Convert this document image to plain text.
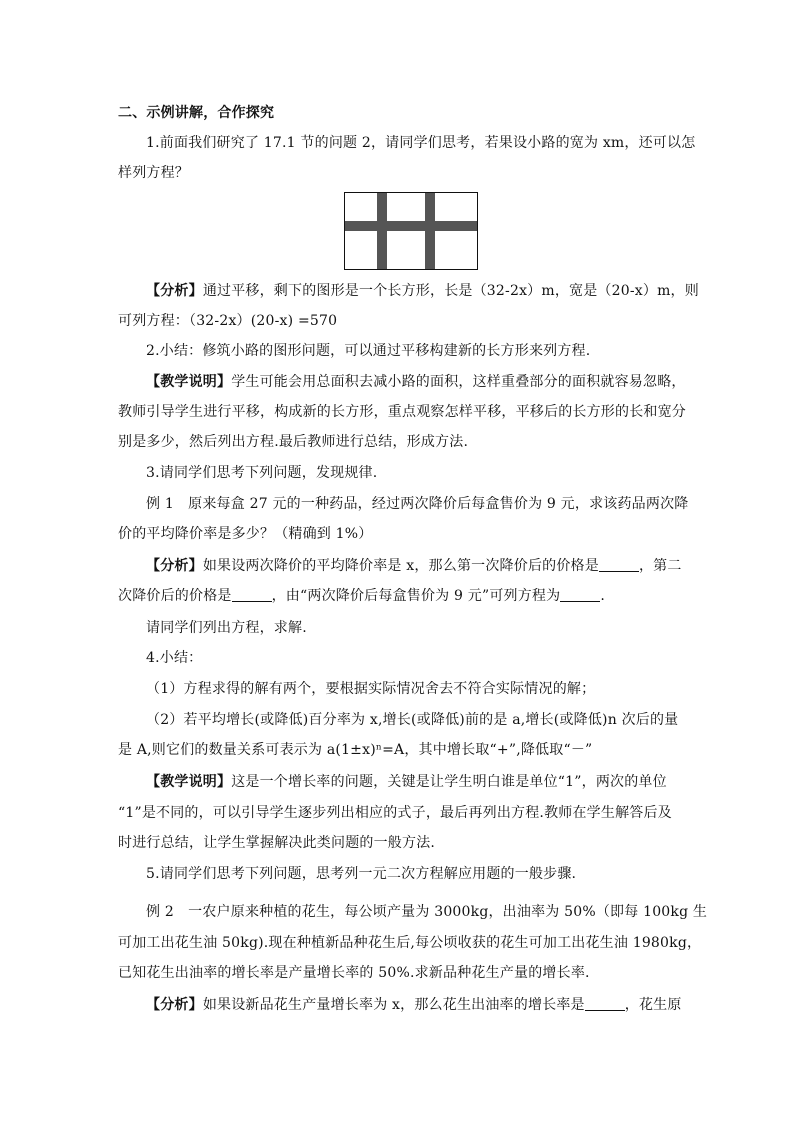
二、示例讲解，合作探究
1.前面我们研究了 17.1 节的问题 2，请同学们思考，若果设小路的宽为 xm，还可以怎
样列方程？
【分析】通过平移，剩下的图形是一个长方形，长是（32-2x）m，宽是（20-x）m，则
可列方程：（32-2x）(20-x) =570
2.小结：修筑小路的图形问题，可以通过平移构建新的长方形来列方程.
【教学说明】学生可能会用总面积去减小路的面积，这样重叠部分的面积就容易忽略，
教师引导学生进行平移，构成新的长方形，重点观察怎样平移，平移后的长方形的长和宽分
别是多少，然后列出方程.最后教师进行总结，形成方法.
3.请同学们思考下列问题，发现规律.
例 1　原来每盒 27 元的一种药品，经过两次降价后每盒售价为 9 元，求该药品两次降
价的平均降价率是多少？（精确到 1%）
【分析】如果设两次降价的平均降价率是 x，那么第一次降价后的价格是	，第二
次降价后的价格是	，由“两次降价后每盒售价为 9 元”可列方程为	.
请同学们列出方程，求解.
4.小结：
（1）方程求得的解有两个，要根据实际情况舍去不符合实际情况的解；
（2）若平均增长(或降低)百分率为 x,增长(或降低)前的是 a,增长(或降低)n 次后的量
是 A,则它们的数量关系可表示为 a(1±x)ⁿ=A，其中增长取“+”,降低取“－”
【教学说明】这是一个增长率的问题，关键是让学生明白谁是单位“1”，两次的单位
“1”是不同的，可以引导学生逐步列出相应的式子，最后再列出方程.教师在学生解答后及
时进行总结，让学生掌握解决此类问题的一般方法.
5.请同学们思考下列问题，思考列一元二次方程解应用题的一般步骤.
例 2　一农户原来种植的花生，每公顷产量为 3000kg，出油率为 50%（即每 100kg 生
可加工出花生油 50kg).现在种植新品种花生后,每公顷收获的花生可加工出花生油 1980kg，
已知花生出油率的增长率是产量增长率的 50%.求新品种花生产量的增长率.
【分析】如果设新品花生产量增长率为 x，那么花生出油率的增长率是	，花生原
